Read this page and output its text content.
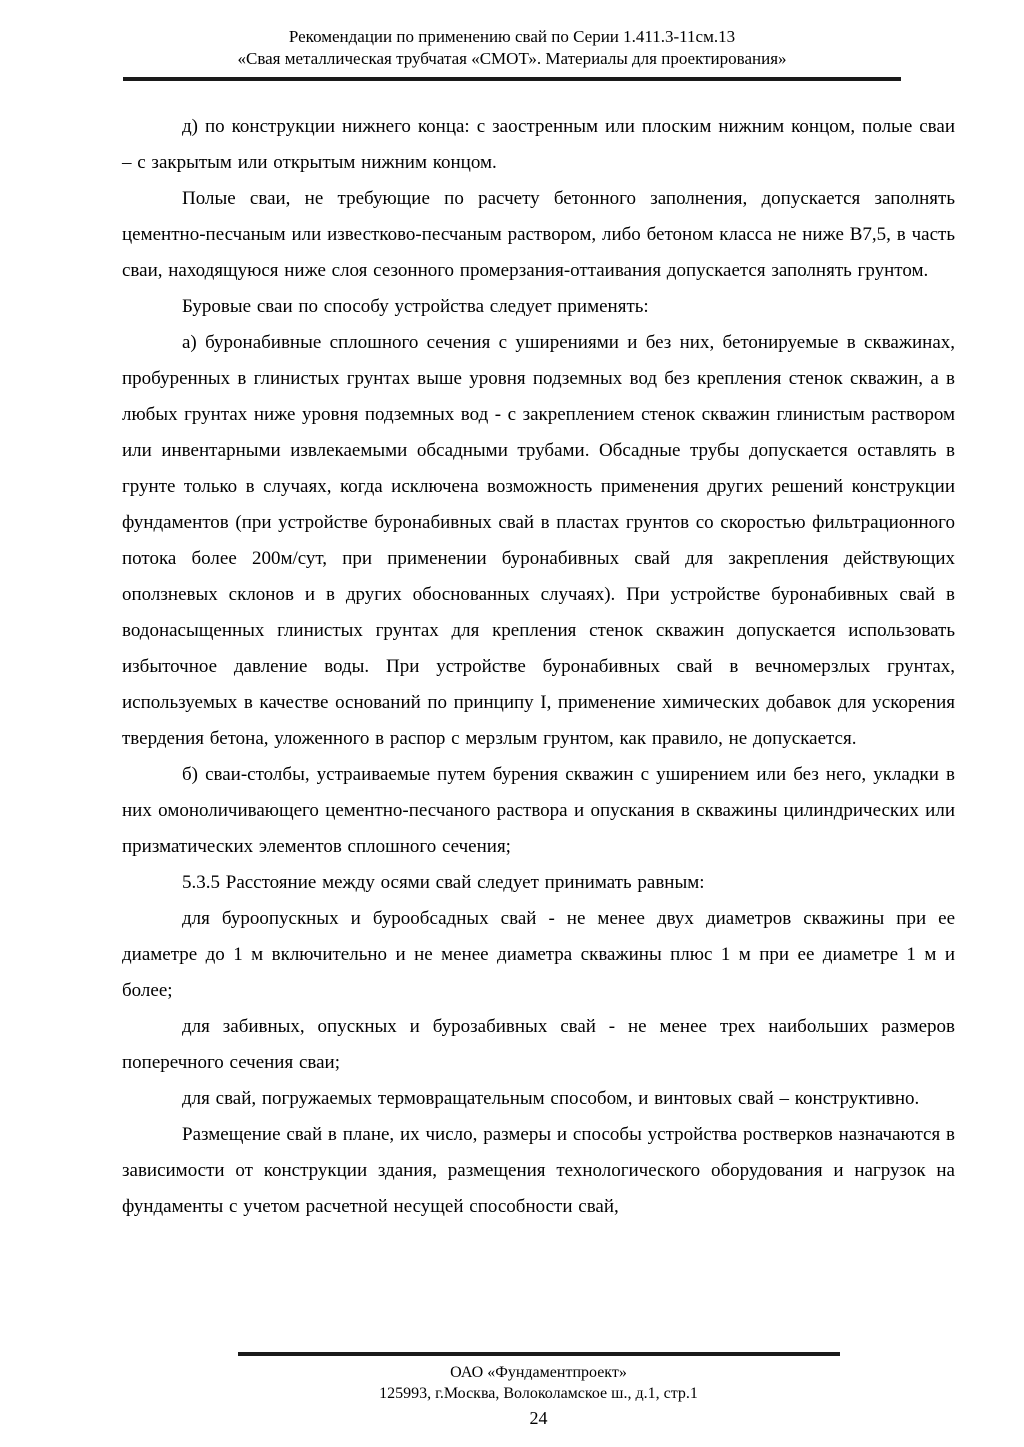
Рекомендации по применению свай по Серии 1.411.3-11см.13
«Свая металлическая трубчатая «СМОТ». Материалы для проектирования»

д) по конструкции нижнего конца: с заостренным или плоским нижним концом, полые сваи – с закрытым или открытым нижним концом.

Полые сваи, не требующие по расчету бетонного заполнения, допускается заполнять цементно-песчаным или известково-песчаным раствором, либо бетоном класса не ниже В7,5, в часть сваи, находящуюся ниже слоя сезонного промерзания-оттаивания допускается заполнять грунтом.

Буровые сваи по способу устройства следует применять:

а) буронабивные сплошного сечения с уширениями и без них, бетонируемые в скважинах, пробуренных в глинистых грунтах выше уровня подземных вод без крепления стенок скважин, а в любых грунтах ниже уровня подземных вод - с закреплением стенок скважин глинистым раствором или инвентарными извлекаемыми обсадными трубами. Обсадные трубы допускается оставлять в грунте только в случаях, когда исключена возможность применения других решений конструкции фундаментов (при устройстве буронабивных свай в пластах грунтов со скоростью фильтрационного потока более 200м/сут, при применении буронабивных свай для закрепления действующих оползневых склонов и в других обоснованных случаях). При устройстве буронабивных свай в водонасыщенных глинистых грунтах для крепления стенок скважин допускается использовать избыточное давление воды. При устройстве буронабивных свай в вечномерзлых грунтах, используемых в качестве оснований по принципу I, применение химических добавок для ускорения твердения бетона, уложенного в распор с мерзлым грунтом, как правило, не допускается.

б) сваи-столбы, устраиваемые путем бурения скважин с уширением или без него, укладки в них омоноличивающего цементно-песчаного раствора и опускания в скважины цилиндрических или призматических элементов сплошного сечения;

5.3.5 Расстояние между осями свай следует принимать равным:

для буроопускных и бурообсадных свай - не менее двух диаметров скважины при ее диаметре до 1 м включительно и не менее диаметра скважины плюс 1 м при ее диаметре 1 м и более;

для забивных, опускных и бурозабивных свай - не менее трех наибольших размеров поперечного сечения сваи;

для свай, погружаемых термовращательным способом, и винтовых свай – конструктивно.

Размещение свай в плане, их число, размеры и способы устройства ростверков назначаются в зависимости от конструкции здания, размещения технологического оборудования и нагрузок на фундаменты с учетом расчетной несущей способности свай,

ОАО «Фундаментпроект»
125993, г.Москва, Волоколамское ш., д.1, стр.1
24
